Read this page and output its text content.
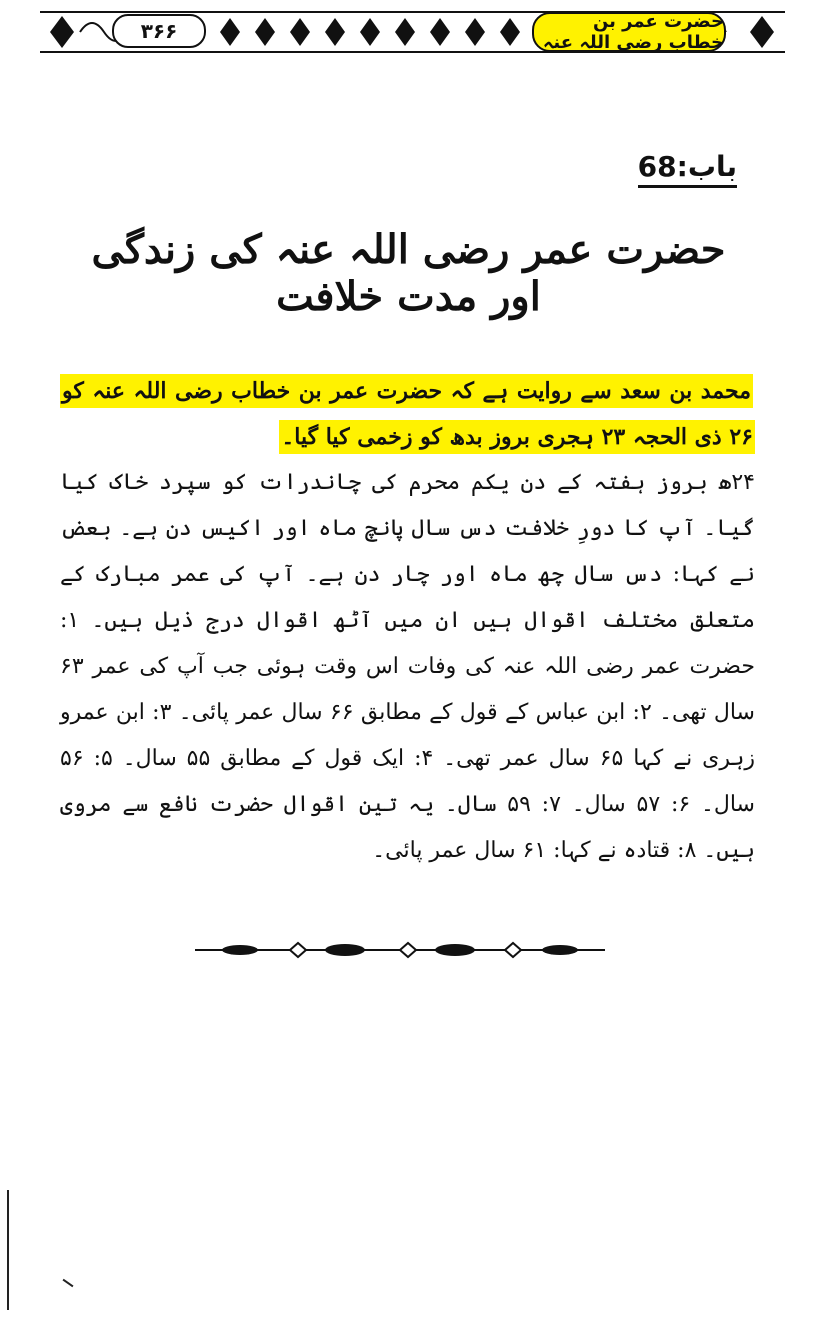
۳۶۶	حضرت عمر بن خطاب رضی اللہ عنہ
باب:68
حضرت عمر رضی اللہ عنہ کی زندگی اور مدت خلافت

محمد بن سعد سے روایت ہے کہ حضرت عمر بن خطاب رضی اللہ عنہ کو ۲۶ ذی الحجہ ۲۳ ہجری بروز بدھ کو زخمی کیا گیا۔

۲۴ھ بروز ہفتہ کے دن یکم محرم کی چاندرات کو سپرد خاک کیا گیا۔ آپ کا دورِ خلافت دس سال پانچ ماہ اور اکیس دن ہے۔ بعض نے کہا: دس سال چھ ماہ اور چار دن ہے۔ آپ کی عمر مبارک کے متعلق مختلف اقوال ہیں ان میں آٹھ اقوال درج ذیل ہیں۔ ۱: حضرت عمر رضی اللہ عنہ کی وفات اس وقت ہوئی جب آپ کی عمر ۶۳ سال تھی۔ ۲: ابن عباس کے قول کے مطابق ۶۶ سال عمر پائی۔ ۳: ابن عمرو زہری نے کہا ۶۵ سال عمر تھی۔ ۴: ایک قول کے مطابق ۵۵ سال۔ ۵: ۵۶ سال۔ ۶: ۵۷ سال۔ ۷: ۵۹ سال۔ یہ تین اقوال حضرت نافع سے مروی ہیں۔ ۸: قتادہ نے کہا: ۶۱ سال عمر پائی۔
